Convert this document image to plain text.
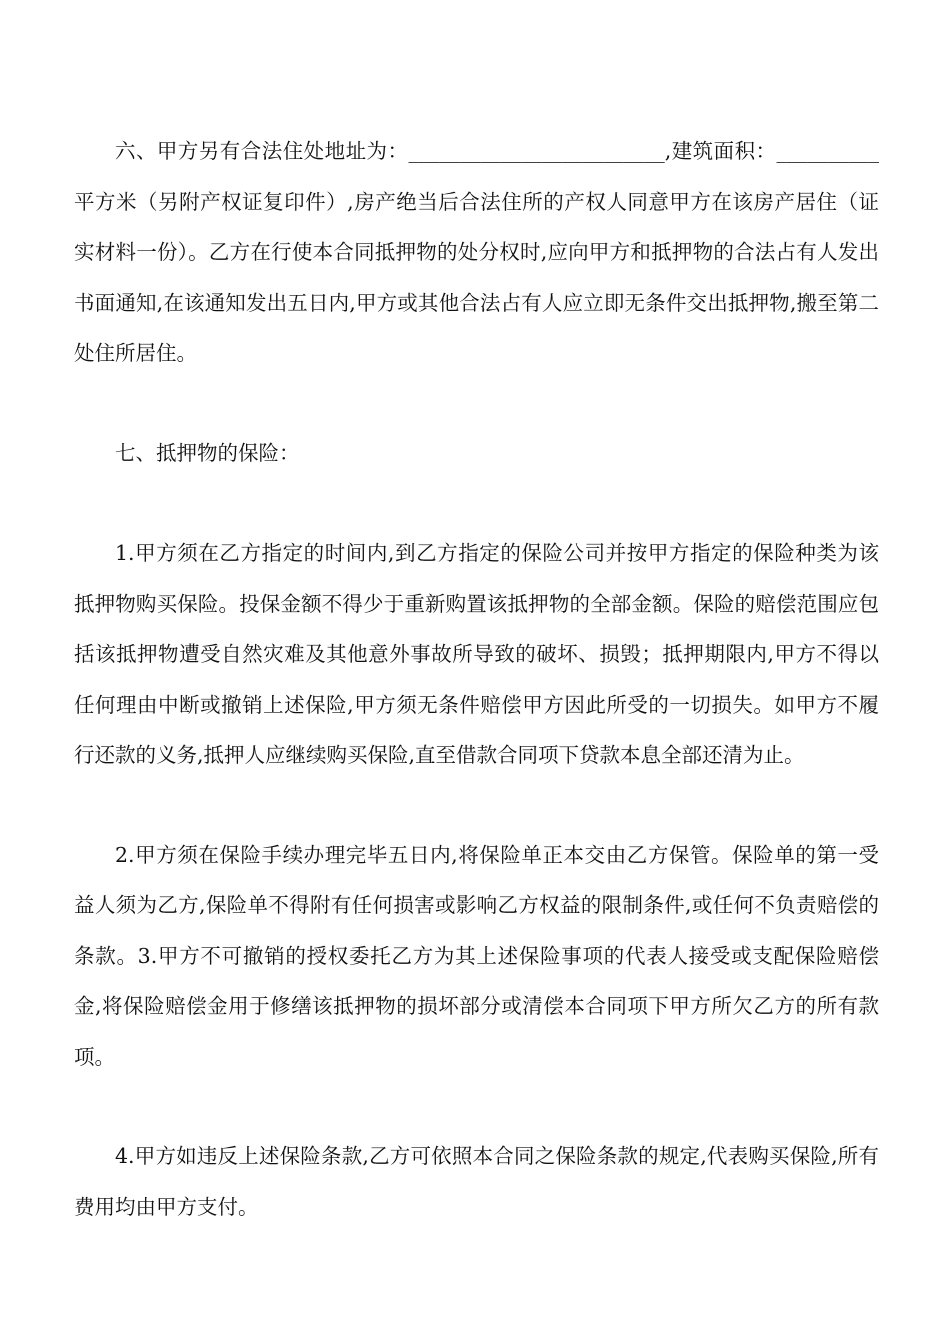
六、甲方另有合法住处地址为：_________________________,建筑面积：__________平方米（另附产权证复印件）,房产绝当后合法住所的产权人同意甲方在该房产居住（证实材料一份）。乙方在行使本合同抵押物的处分权时,应向甲方和抵押物的合法占有人发出书面通知,在该通知发出五日内,甲方或其他合法占有人应立即无条件交出抵押物,搬至第二处住所居住。

七、抵押物的保险：

1.甲方须在乙方指定的时间内,到乙方指定的保险公司并按甲方指定的保险种类为该抵押物购买保险。投保金额不得少于重新购置该抵押物的全部金额。保险的赔偿范围应包括该抵押物遭受自然灾难及其他意外事故所导致的破坏、损毁；抵押期限内,甲方不得以任何理由中断或撤销上述保险,甲方须无条件赔偿甲方因此所受的一切损失。如甲方不履行还款的义务,抵押人应继续购买保险,直至借款合同项下贷款本息全部还清为止。

2.甲方须在保险手续办理完毕五日内,将保险单正本交由乙方保管。保险单的第一受益人须为乙方,保险单不得附有任何损害或影响乙方权益的限制条件,或任何不负责赔偿的条款。3.甲方不可撤销的授权委托乙方为其上述保险事项的代表人接受或支配保险赔偿金,将保险赔偿金用于修缮该抵押物的损坏部分或清偿本合同项下甲方所欠乙方的所有款项。

4.甲方如违反上述保险条款,乙方可依照本合同之保险条款的规定,代表购买保险,所有费用均由甲方支付。
